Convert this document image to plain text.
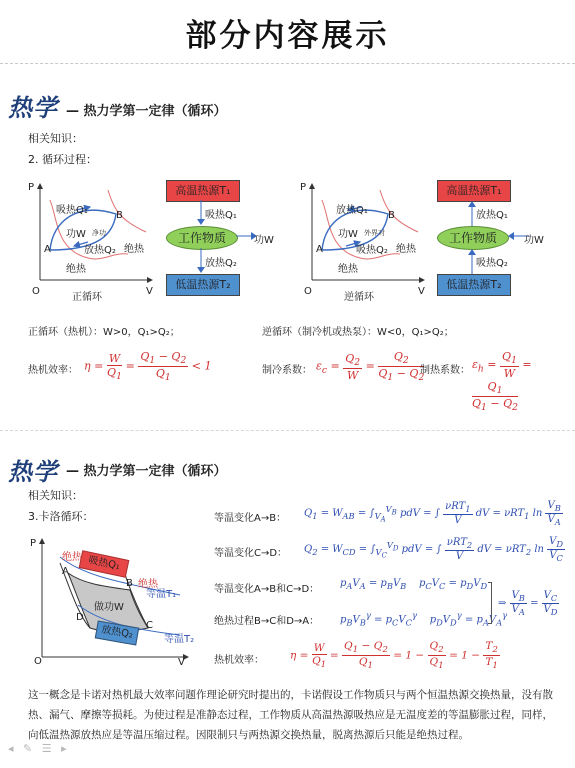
部分内容展示
热学 — 热力学第一定律（循环）
相关知识：
2. 循环过程：
P
V
O
吸热Q₁
功W 净功
放热Q₂ 绝热
绝热
A
B
正循环
高温热源T₁
吸热Q₁
工作物质	功W
放热Q₂
低温热源T₂
P
V
O
放热Q₁
功W 外界对
吸热Q₂ 绝热
绝热
A
B
逆循环
高温热源T₁
放热Q₁
工作物质	功W
吸热Q₂
低温热源T₂
正循环（热机）：W>0，Q₁>Q₂；	逆循环（制冷机或热泵）：W<0，Q₁>Q₂；
热机效率： $\eta = \frac{W}{Q_1} = \frac{Q_1 - Q_2}{Q_1} < 1$	制冷系数： $\varepsilon_c = \frac{Q_2}{W} = \frac{Q_2}{Q_1 - Q_2}$
制热系数： $\varepsilon_h = \frac{Q_1}{W}$ =
$\frac{Q_1}{Q_1 - Q_2}$
热学 — 热力学第一定律（循环）
相关知识：
3.卡洛循环：
吸热Q₁
放热Q₂
P
V
O
绝热
绝热
A
B
C
D
做功W
等温T₁
等温T₂
等温变化A→B： $Q_1 = W_{AB} = \int_{V_A}^{V_B}$ pdV = ∫ $\frac{\nu RT_1}{V}$ dV = νRT$_1$ $\ln \frac{V_B}{V_A}$
等温变化C→D： $Q_2 = W_{CD} = \int_{V_C}^{V_D}$ pdV = ∫ $\frac{\nu RT_2}{V}$ dV = νRT$_2$ $\ln \frac{V_D}{V_C}$
等温变化A→B和C→D：
$p_AV_A = p_BV_B$    $p_CV_C = p_DV_D$
绝热过程B→C和D→A： $p_BV_B^\gamma = p_CV_C^\gamma$    $p_DV_D^\gamma = p_AV_A^\gamma$
⇒ $\frac{V_B}{V_A} = \frac{V_C}{V_D}$
热机效率： $\eta = \frac{W}{Q_1} = \frac{Q_1 - Q_2}{Q_1} = 1 - \frac{Q_2}{Q_1} = 1 - \frac{T_2}{T_1}$
这一概念是卡诺对热机最大效率问题作理论研究时提出的，卡诺假设工作物质只与两个恒温热源交换热量，没有散热、漏气、摩擦等损耗。为使过程是准静态过程，工作物质从高温热源吸热应是无温度差的等温膨胀过程，同样，向低温热源放热应是等温压缩过程。因限制只与两热源交换热量，脱离热源后只能是绝热过程。
◂ ✎ ☰ ▸
